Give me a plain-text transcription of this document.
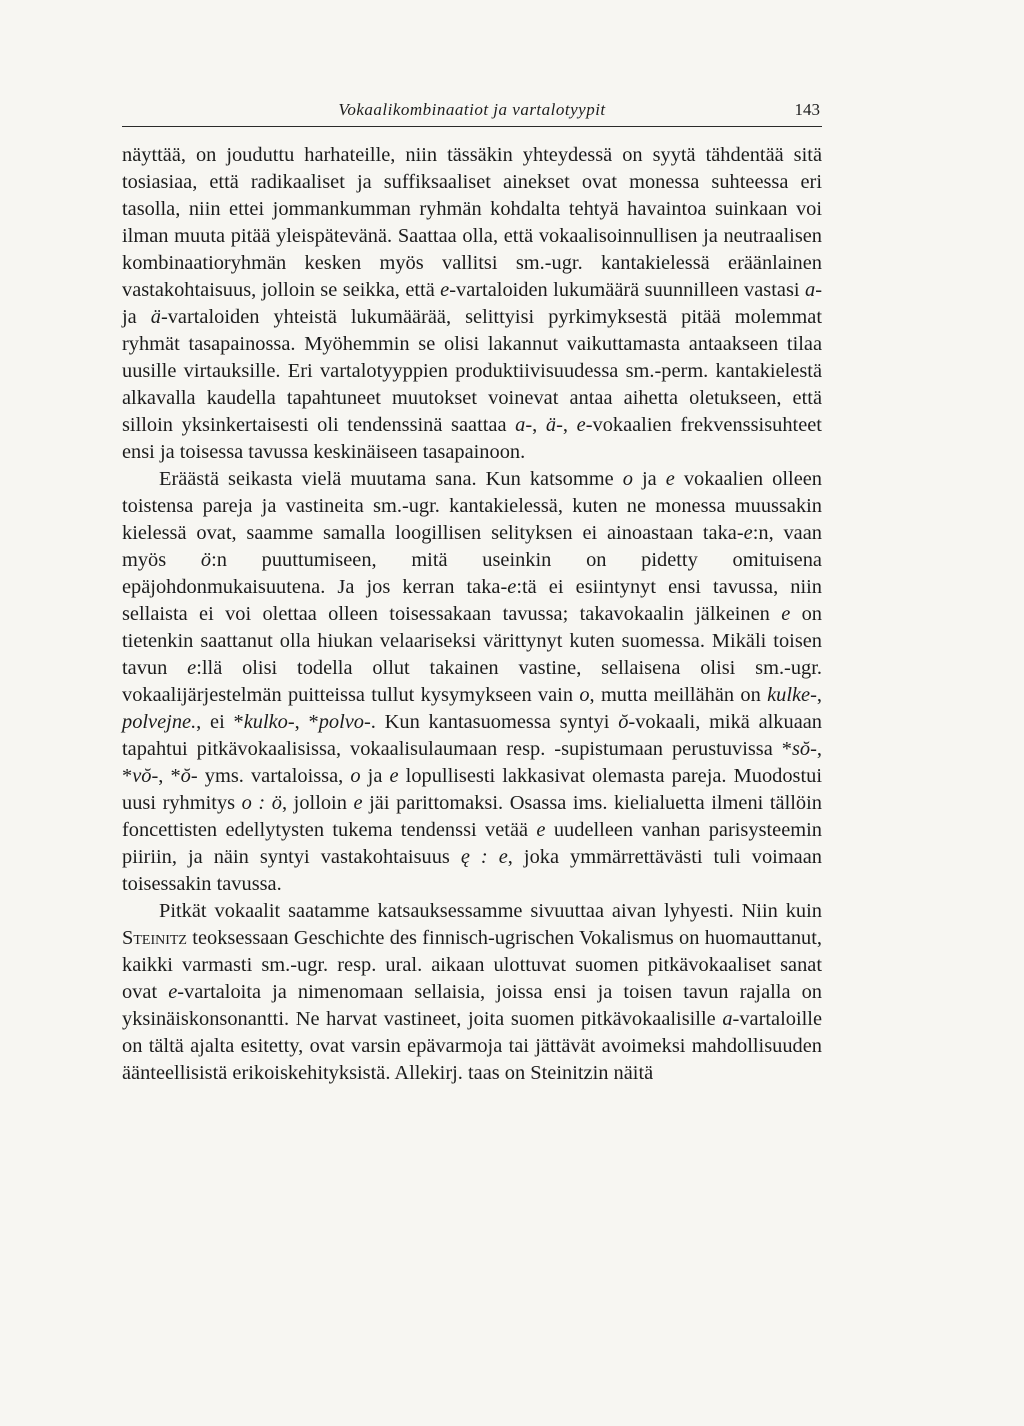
Vokaalikombinaatiot ja vartalotyypit	143

näyttää, on jouduttu harhateille, niin tässäkin yhteydessä on syytä tähdentää sitä tosiasiaa, että radikaaliset ja suffiksaaliset ainekset ovat monessa suhteessa eri tasolla, niin ettei jommankumman ryhmän kohdalta tehtyä havaintoa suinkaan voi ilman muuta pitää yleispätevänä. Saattaa olla, että vokaalisoinnullisen ja neutraalisen kombinaatioryhmän kesken myös vallitsi sm.-ugr. kantakielessä eräänlainen vastakohtaisuus, jolloin se seikka, että e-vartaloiden lukumäärä suunnilleen vastasi a- ja ä-vartaloiden yhteistä lukumäärää, selittyisi pyrkimyksestä pitää molemmat ryhmät tasapainossa. Myöhemmin se olisi lakannut vaikuttamasta antaakseen tilaa uusille virtauksille. Eri vartalotyyppien produktiivisuudessa sm.-perm. kantakielestä alkavalla kaudella tapahtuneet muutokset voinevat antaa aihetta oletukseen, että silloin yksinkertaisesti oli tendenssinä saattaa a-, ä-, e-vokaalien frekvenssisuhteet ensi ja toisessa tavussa keskinäiseen tasapainoon.

Eräästä seikasta vielä muutama sana. Kun katsomme o ja e vokaalien olleen toistensa pareja ja vastineita sm.-ugr. kantakielessä, kuten ne monessa muussakin kielessä ovat, saamme samalla loogillisen selityksen ei ainoastaan taka-e:n, vaan myös ö:n puuttumiseen, mitä useinkin on pidetty omituisena epäjohdonmukaisuutena. Ja jos kerran taka-e:tä ei esiintynyt ensi tavussa, niin sellaista ei voi olettaa olleen toisessakaan tavussa; takavokaalin jälkeinen e on tietenkin saattanut olla hiukan velaariseksi värittynyt kuten suomessa. Mikäli toisen tavun e:llä olisi todella ollut takainen vastine, sellaisena olisi sm.-ugr. vokaalijärjestelmän puitteissa tullut kysymykseen vain o, mutta meillähän on kulke-, polvejne., ei *kulko-, *polvo-. Kun kantasuomessa syntyi ŏ-vokaali, mikä alkuaan tapahtui pitkävokaalisissa, vokaalisulaumaan resp. -supistumaan perustuvissa *sŏ-, *vŏ-, *ŏ- yms. vartaloissa, o ja e lopullisesti lakkasivat olemasta pareja. Muodostui uusi ryhmitys o : ö, jolloin e jäi parittomaksi. Osassa ims. kielialuetta ilmeni tällöin foncettisten edellytysten tukema tendenssi vetää e uudelleen vanhan parisysteemin piiriin, ja näin syntyi vastakohtaisuus ę : e, joka ymmärrettävästi tuli voimaan toisessakin tavussa.

Pitkät vokaalit saatamme katsauksessamme sivuuttaa aivan lyhyesti. Niin kuin Steinitz teoksessaan Geschichte des finnisch-ugrischen Vokalismus on huomauttanut, kaikki varmasti sm.-ugr. resp. ural. aikaan ulottuvat suomen pitkävokaaliset sanat ovat e-vartaloita ja nimenomaan sellaisia, joissa ensi ja toisen tavun rajalla on yksinäiskonsonantti. Ne harvat vastineet, joita suomen pitkävokaalisille a-vartaloille on tältä ajalta esitetty, ovat varsin epävarmoja tai jättävät avoimeksi mahdollisuuden äänteellisistä erikoiskehityksistä. Allekirj. taas on Steinitzin näitä
